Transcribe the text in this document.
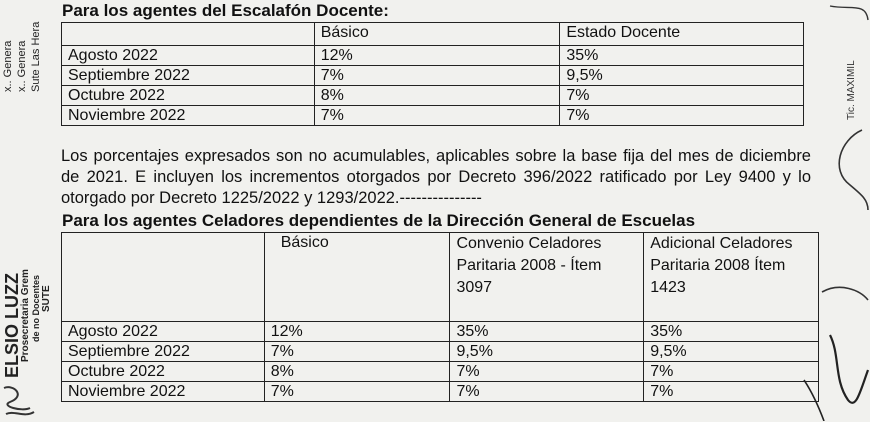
x.. Genera x.. Genera Sute Las Hera
ELSIO LUZZ
Prosecretaria Grem de no Docentes SUTE
Para los agentes del Escalafón Docente:
	Básico	Estado Docente
Agosto 2022	12%	35%
Septiembre 2022	7%	9,5%
Octubre 2022	8%	7%
Noviembre 2022	7%	7%

Los porcentajes expresados son no acumulables, aplicables sobre la base fija del mes de diciembre de 2021. E incluyen los incrementos otorgados por Decreto 396/2022 ratificado por Ley 9400 y lo otorgado por Decreto 1225/2022 y 1293/2022.---------------

Para los agentes Celadores dependientes de la Dirección General de Escuelas
	Básico	Convenio Celadores Paritaria 2008 - Ítem 3097	Adicional Celadores Paritaria 2008 Ítem 1423
Agosto 2022	12%	35%	35%
Septiembre 2022	7%	9,5%	9,5%
Octubre 2022	8%	7%	7%
Noviembre 2022	7%	7%	7%
Tic. MAXIMIL
